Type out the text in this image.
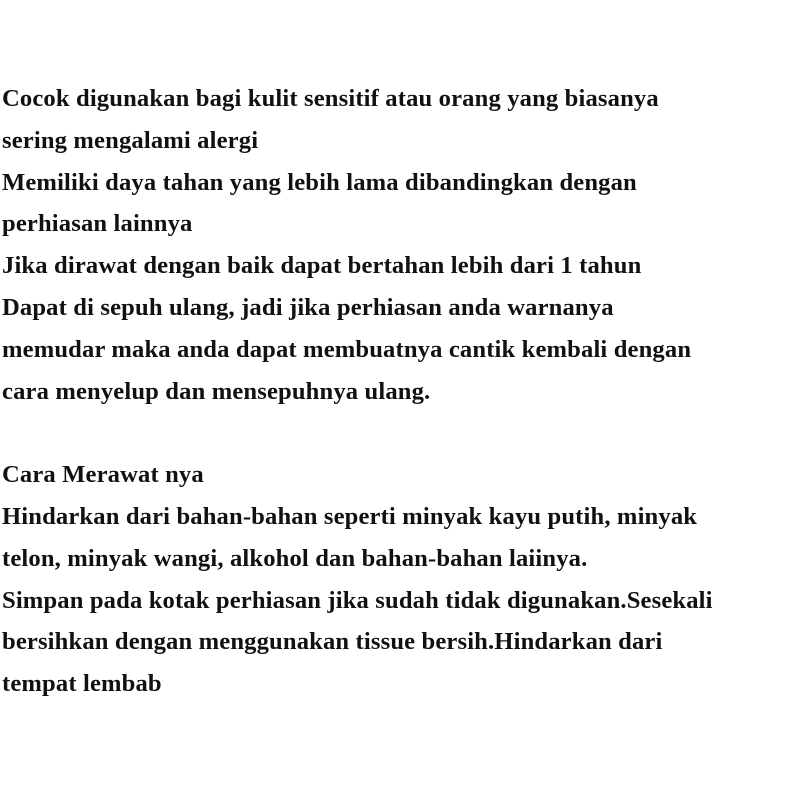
Cocok digunakan bagi kulit sensitif atau orang yang biasanya
sering mengalami alergi
Memiliki daya tahan yang lebih lama dibandingkan dengan
perhiasan lainnya
Jika dirawat dengan baik dapat bertahan lebih dari 1 tahun
Dapat di sepuh ulang, jadi jika perhiasan anda warnanya
memudar maka anda dapat membuatnya cantik kembali dengan
cara menyelup dan mensepuhnya ulang.
Cara Merawat nya
Hindarkan dari bahan-bahan seperti minyak kayu putih, minyak
telon, minyak wangi, alkohol dan bahan-bahan laiinya.
Simpan pada kotak perhiasan jika sudah tidak digunakan.Sesekali
bersihkan dengan menggunakan tissue bersih.Hindarkan dari
tempat lembab
